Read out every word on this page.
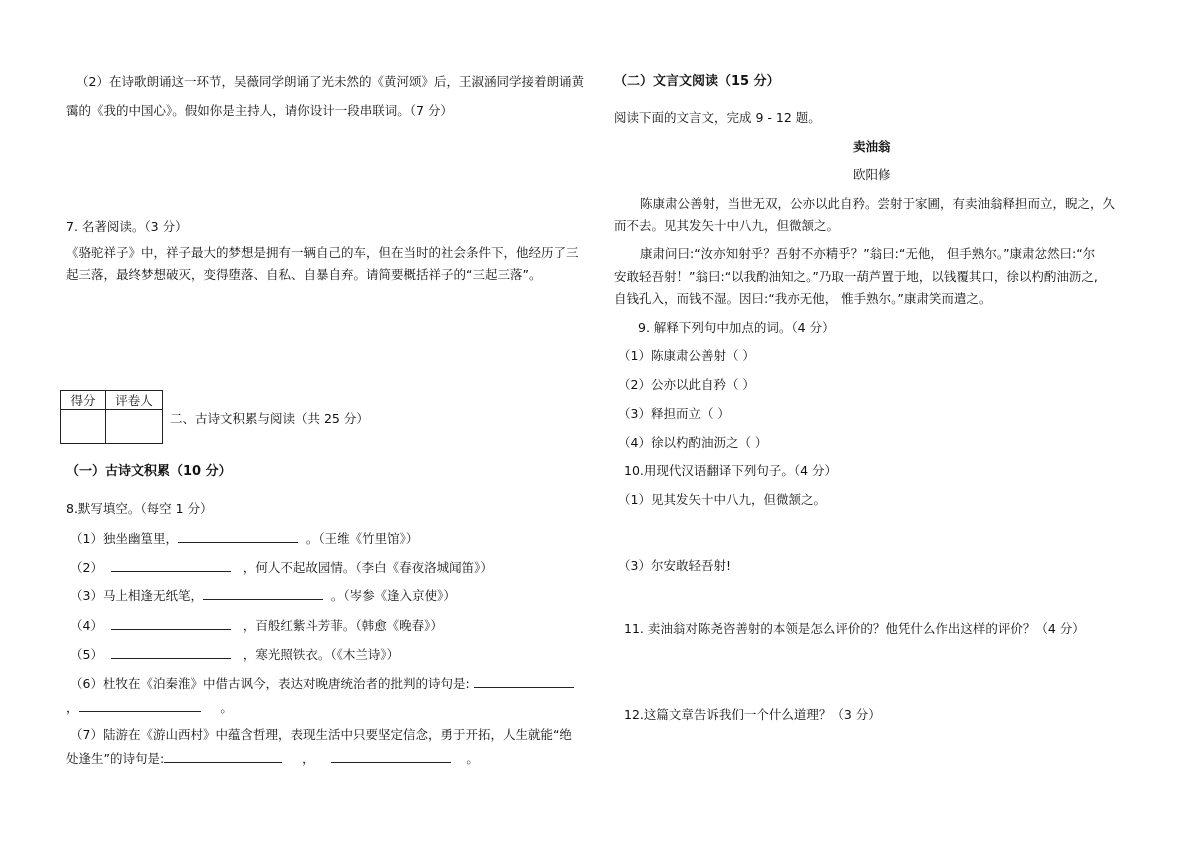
（2）在诗歌朗诵这一环节，吴薇同学朗诵了光未然的《黄河颂》后，王淑涵同学接着朗诵黄
霭的《我的中国心》。假如你是主持人，请你设计一段串联词。（7 分）
7. 名著阅读。（3 分）
《骆驼祥子》中，祥子最大的梦想是拥有一辆自己的车，但在当时的社会条件下，他经历了三
起三落，最终梦想破灭，变得堕落、自私、自暴自弃。请简要概括祥子的“三起三落”。
得分	评卷人

二、古诗文积累与阅读（共 25 分）
（一）古诗文积累（10 分）
8.默写填空。（每空 1 分）
（1）独坐幽篁里，	。（王维《竹里馆》）
（2）	，何人不起故园情。（李白《春夜洛城闻笛》）
（3）马上相逢无纸笔，	。（岑参《逢入京使》）
（4）	，百般红紫斗芳菲。（韩愈《晚春》）
（5）	，寒光照铁衣。（《木兰诗》）
（6）杜牧在《泊秦淮》中借古讽今，表达对晚唐统治者的批判的诗句是:
，	。
（7）陆游在《游山西村》中蕴含哲理，表现生活中只要坚定信念，勇于开拓，人生就能“绝
处逢生”的诗句是:	，	。
（二）文言文阅读（15 分）
阅读下面的文言文，完成 9 - 12 题。
卖油翁
欧阳修
陈康肃公善射，当世无双，公亦以此自矜。尝射于家圃，有卖油翁释担而立，睨之，久
而不去。见其发矢十中八九，但微颔之。
康肃问曰:“汝亦知射乎？吾射不亦精乎？”翁曰:“无他， 但手熟尔。”康肃忿然曰:“尔
安敢轻吾射！”翁曰:“以我酌油知之。”乃取一葫芦置于地，以钱覆其口，徐以杓酌油沥之,
自钱孔入，而钱不湿。因曰:“我亦无他， 惟手熟尔。”康肃笑而遣之。
9. 解释下列句中加点的词。（4 分）
（1）陈康肃公善射（ ）
（2）公亦以此自矜（ ）
（3）释担而立（ ）
（4）徐以杓酌油沥之（ ）
10.用现代汉语翻译下列句子。（4 分）
（1）见其发矢十中八九，但微颔之。
（3）尔安敢轻吾射!
11. 卖油翁对陈尧咨善射的本领是怎么评价的？他凭什么作出这样的评价？（4 分）
12.这篇文章告诉我们一个什么道理？（3 分）
